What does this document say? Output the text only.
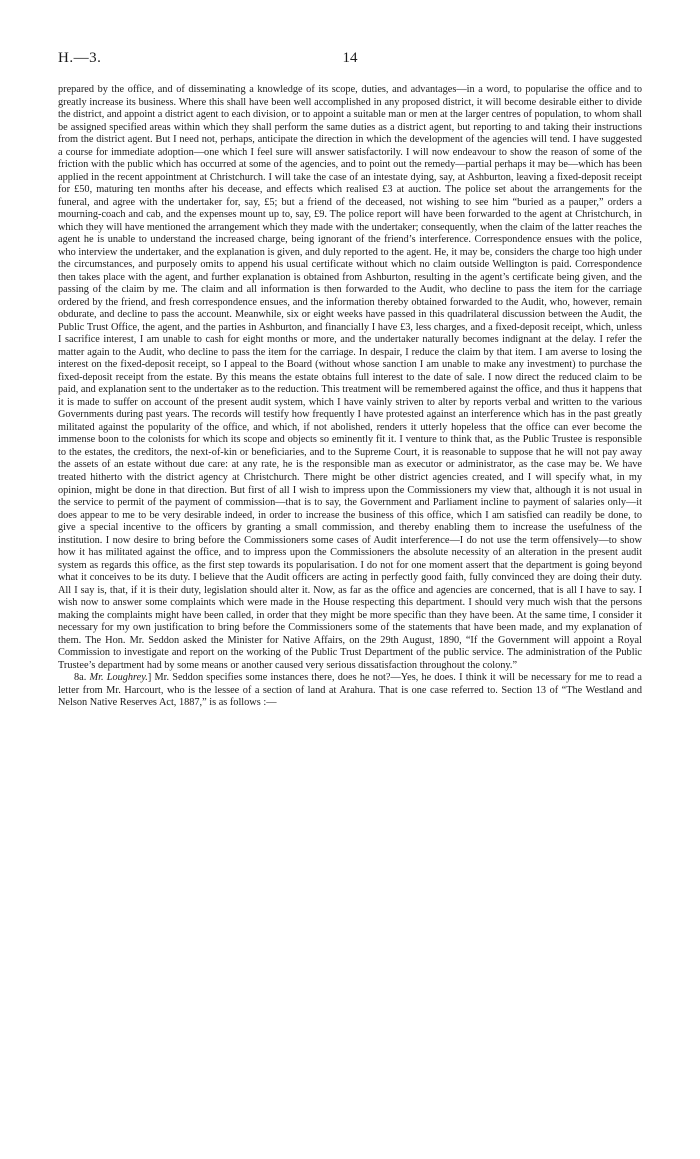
H.—3.	14

prepared by the office, and of disseminating a knowledge of its scope, duties, and advantages—in a word, to popularise the office and to greatly increase its business. Where this shall have been well accomplished in any proposed district, it will become desirable either to divide the district, and appoint a district agent to each division, or to appoint a suitable man or men at the larger centres of population, to whom shall be assigned specified areas within which they shall perform the same duties as a district agent, but reporting to and taking their instructions from the district agent. But I need not, perhaps, anticipate the direction in which the development of the agencies will tend. I have suggested a course for immediate adoption—one which I feel sure will answer satisfactorily. I will now endeavour to show the reason of some of the friction with the public which has occurred at some of the agencies, and to point out the remedy—partial perhaps it may be—which has been applied in the recent appointment at Christchurch. I will take the case of an intestate dying, say, at Ashburton, leaving a fixed-deposit receipt for £50, maturing ten months after his decease, and effects which realised £3 at auction. The police set about the arrangements for the funeral, and agree with the undertaker for, say, £5; but a friend of the deceased, not wishing to see him “buried as a pauper,” orders a mourning-coach and cab, and the expenses mount up to, say, £9. The police report will have been forwarded to the agent at Christchurch, in which they will have mentioned the arrangement which they made with the undertaker; consequently, when the claim of the latter reaches the agent he is unable to understand the increased charge, being ignorant of the friend’s interference. Correspondence ensues with the police, who interview the undertaker, and the explanation is given, and duly reported to the agent. He, it may be, considers the charge too high under the circumstances, and purposely omits to append his usual certificate without which no claim outside Wellington is paid. Correspondence then takes place with the agent, and further explanation is obtained from Ashburton, resulting in the agent’s certificate being given, and the passing of the claim by me. The claim and all information is then forwarded to the Audit, who decline to pass the item for the carriage ordered by the friend, and fresh correspondence ensues, and the information thereby obtained forwarded to the Audit, who, however, remain obdurate, and decline to pass the account. Meanwhile, six or eight weeks have passed in this quadrilateral discussion between the Audit, the Public Trust Office, the agent, and the parties in Ashburton, and financially I have £3, less charges, and a fixed-deposit receipt, which, unless I sacrifice interest, I am unable to cash for eight months or more, and the undertaker naturally becomes indignant at the delay. I refer the matter again to the Audit, who decline to pass the item for the carriage. In despair, I reduce the claim by that item. I am averse to losing the interest on the fixed-deposit receipt, so I appeal to the Board (without whose sanction I am unable to make any investment) to purchase the fixed-deposit receipt from the estate. By this means the estate obtains full interest to the date of sale. I now direct the reduced claim to be paid, and explanation sent to the undertaker as to the reduction. This treatment will be remembered against the office, and thus it happens that it is made to suffer on account of the present audit system, which I have vainly striven to alter by reports verbal and written to the various Governments during past years. The records will testify how frequently I have protested against an interference which has in the past greatly militated against the popularity of the office, and which, if not abolished, renders it utterly hopeless that the office can ever become the immense boon to the colonists for which its scope and objects so eminently fit it. I venture to think that, as the Public Trustee is responsible to the estates, the creditors, the next-of-kin or beneficiaries, and to the Supreme Court, it is reasonable to suppose that he will not pay away the assets of an estate without due care: at any rate, he is the responsible man as executor or administrator, as the case may be. We have treated hitherto with the district agency at Christchurch. There might be other district agencies created, and I will specify what, in my opinion, might be done in that direction. But first of all I wish to impress upon the Commissioners my view that, although it is not usual in the service to permit of the payment of commission—that is to say, the Government and Parliament incline to payment of salaries only—it does appear to me to be very desirable indeed, in order to increase the business of this office, which I am satisfied can readily be done, to give a special incentive to the officers by granting a small commission, and thereby enabling them to increase the usefulness of the institution. I now desire to bring before the Commissioners some cases of Audit interference—I do not use the term offensively—to show how it has militated against the office, and to impress upon the Commissioners the absolute necessity of an alteration in the present audit system as regards this office, as the first step towards its popularisation. I do not for one moment assert that the department is going beyond what it conceives to be its duty. I believe that the Audit officers are acting in perfectly good faith, fully convinced they are doing their duty. All I say is, that, if it is their duty, legislation should alter it. Now, as far as the office and agencies are concerned, that is all I have to say. I wish now to answer some complaints which were made in the House respecting this department. I should very much wish that the persons making the complaints might have been called, in order that they might be more specific than they have been. At the same time, I consider it necessary for my own justification to bring before the Commissioners some of the statements that have been made, and my explanation of them. The Hon. Mr. Seddon asked the Minister for Native Affairs, on the 29th August, 1890, “If the Government will appoint a Royal Commission to investigate and report on the working of the Public Trust Department of the public service. The administration of the Public Trustee’s department had by some means or another caused very serious dissatisfaction throughout the colony.”

8a. Mr. Loughrey.] Mr. Seddon specifies some instances there, does he not?—Yes, he does. I think it will be necessary for me to read a letter from Mr. Harcourt, who is the lessee of a section of land at Arahura. That is one case referred to. Section 13 of “The Westland and Nelson Native Reserves Act, 1887,” is as follows :—
